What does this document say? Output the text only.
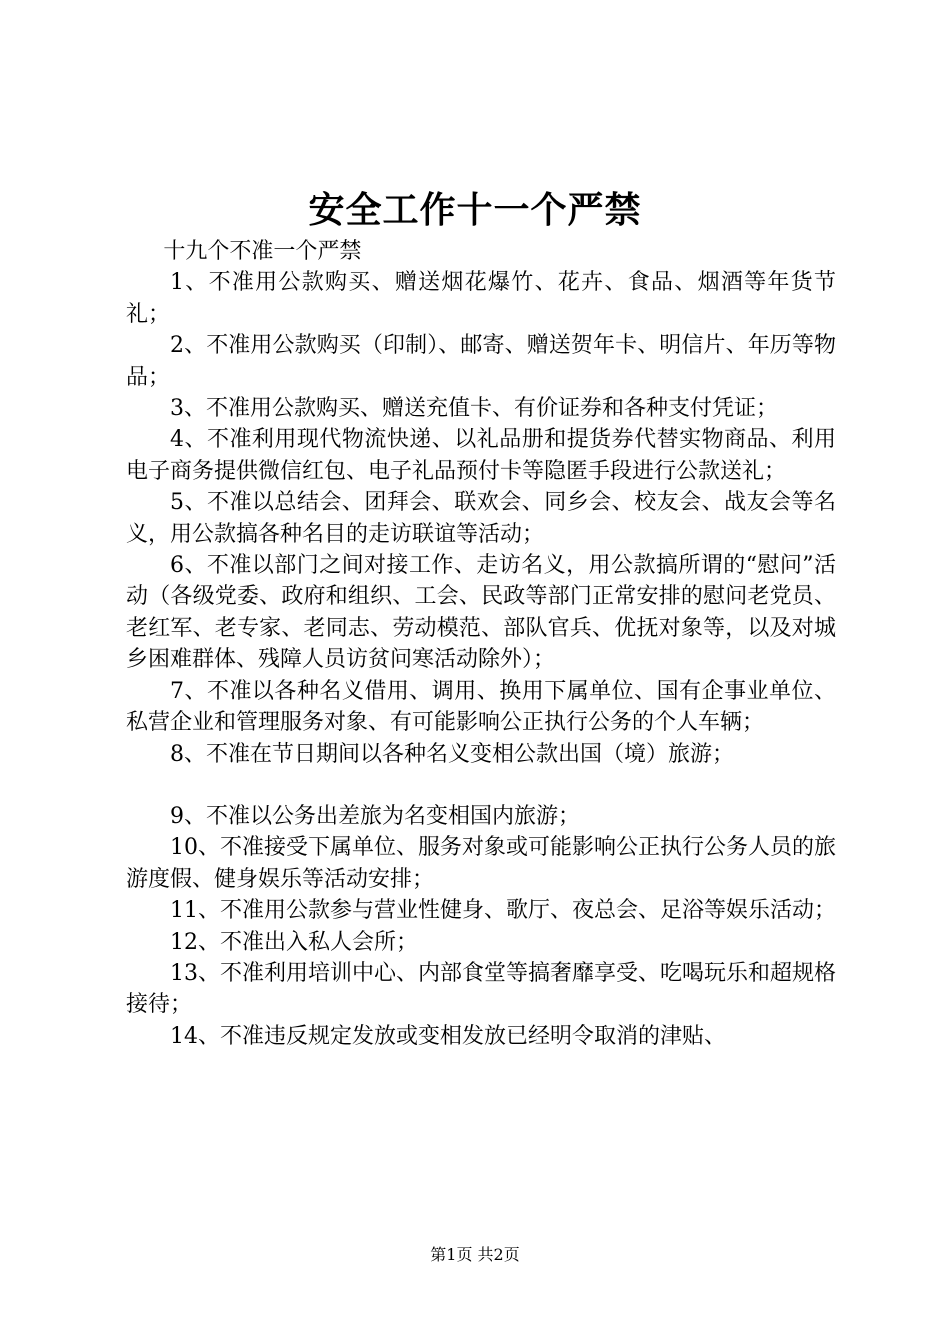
安全工作十一个严禁

十九个不准一个严禁

1、不准用公款购买、赠送烟花爆竹、花卉、食品、烟酒等年货节礼；

2、不准用公款购买（印制）、邮寄、赠送贺年卡、明信片、年历等物品；

3、不准用公款购买、赠送充值卡、有价证券和各种支付凭证；

4、不准利用现代物流快递、以礼品册和提货券代替实物商品、利用电子商务提供微信红包、电子礼品预付卡等隐匿手段进行公款送礼；

5、不准以总结会、团拜会、联欢会、同乡会、校友会、战友会等名义，用公款搞各种名目的走访联谊等活动；

6、不准以部门之间对接工作、走访名义，用公款搞所谓的“慰问”活动（各级党委、政府和组织、工会、民政等部门正常安排的慰问老党员、老红军、老专家、老同志、劳动模范、部队官兵、优抚对象等，以及对城乡困难群体、残障人员访贫问寒活动除外）；

7、不准以各种名义借用、调用、换用下属单位、国有企事业单位、私营企业和管理服务对象、有可能影响公正执行公务的个人车辆；

8、不准在节日期间以各种名义变相公款出国（境）旅游；

9、不准以公务出差旅为名变相国内旅游；

10、不准接受下属单位、服务对象或可能影响公正执行公务人员的旅游度假、健身娱乐等活动安排；

11、不准用公款参与营业性健身、歌厅、夜总会、足浴等娱乐活动；

12、不准出入私人会所；

13、不准利用培训中心、内部食堂等搞奢靡享受、吃喝玩乐和超规格接待；

14、不准违反规定发放或变相发放已经明令取消的津贴、

第1页 共2页
